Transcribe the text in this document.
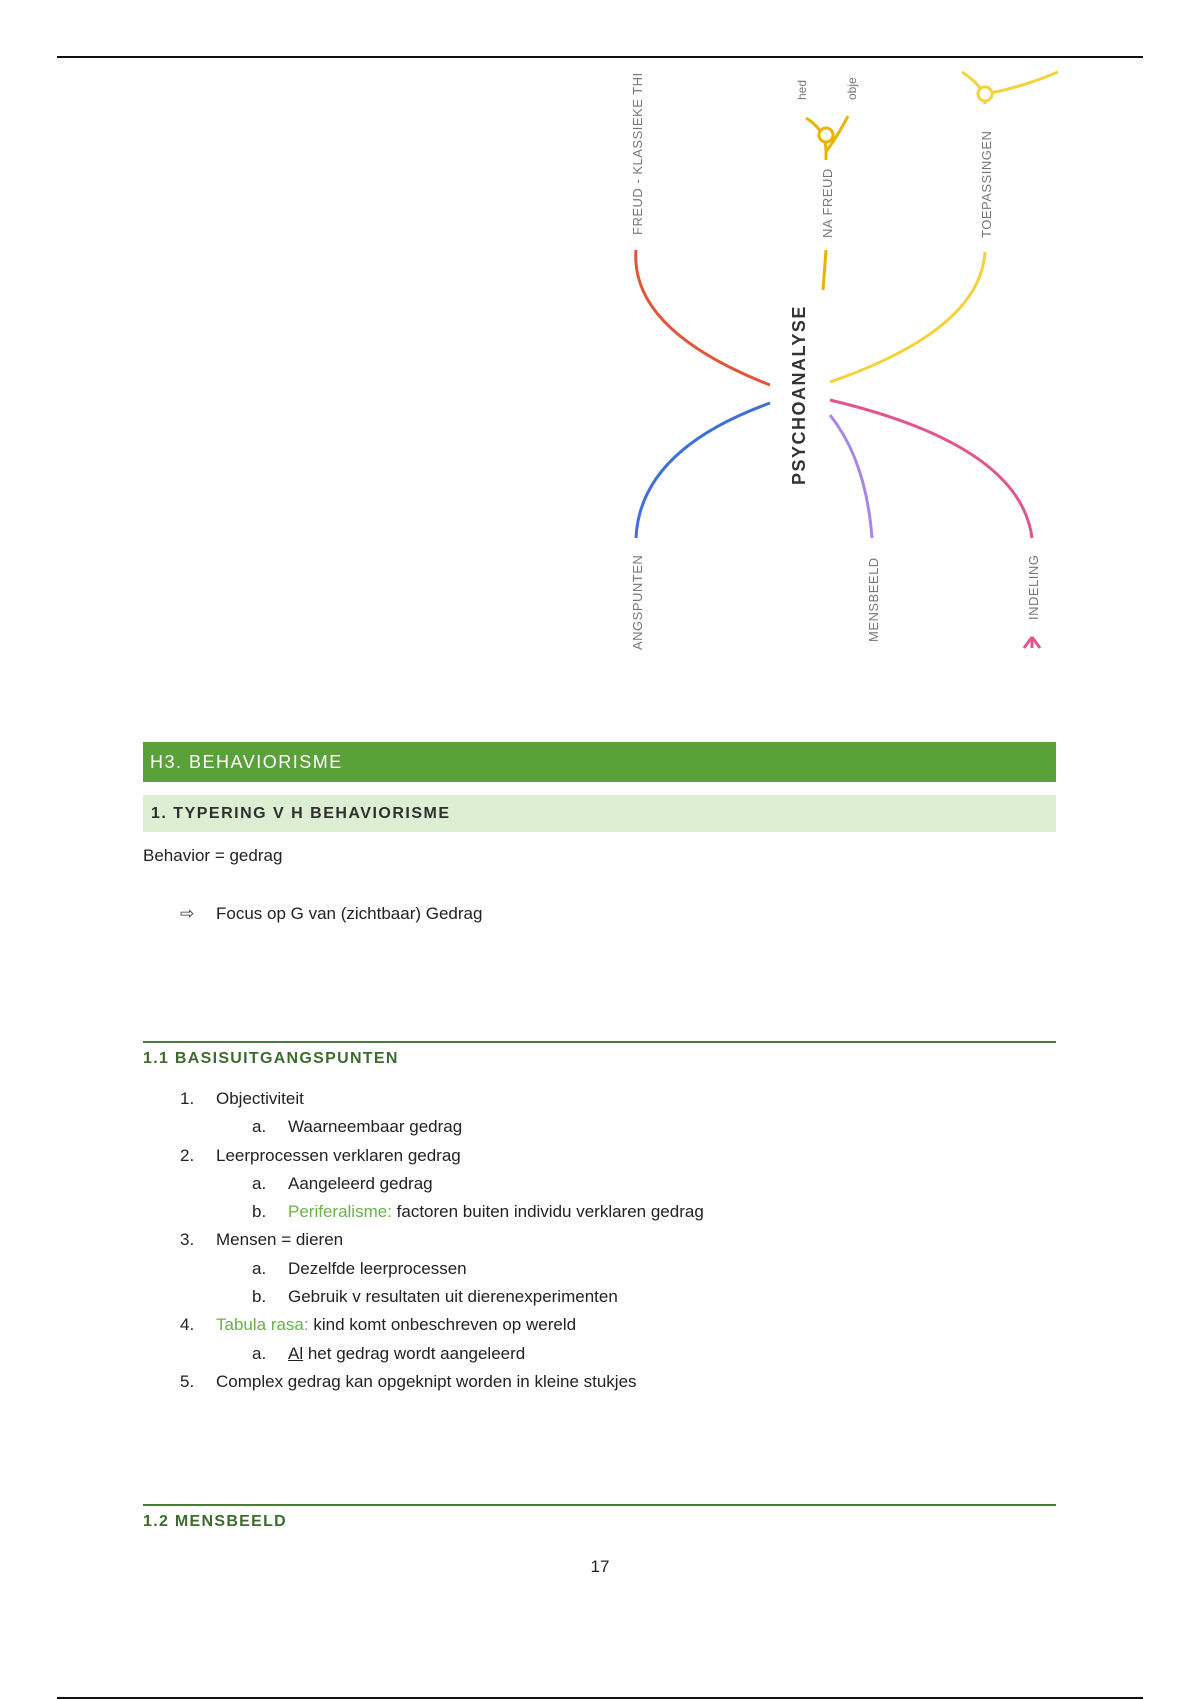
FREUD - KLASSIEKE THI	NA FREUD
hed	obje
TOEPASSINGEN
PSYCHOANALYSE
ANGSPUNTEN	MENSBEELD	INDELING
H3. BEHAVIORISME
1. TYPERING V H BEHAVIORISME
Behavior = gedrag
⇨ Focus op G van (zichtbaar) Gedrag
1.1 BASISUITGANGSPUNTEN
1. Objectiviteit
a. Waarneembaar gedrag
2. Leerprocessen verklaren gedrag
a. Aangeleerd gedrag
b. Periferalisme: factoren buiten individu verklaren gedrag
3. Mensen = dieren
a. Dezelfde leerprocessen
b. Gebruik v resultaten uit dierenexperimenten
4. Tabula rasa: kind komt onbeschreven op wereld
a. Al het gedrag wordt aangeleerd
5. Complex gedrag kan opgeknipt worden in kleine stukjes
1.2 MENSBEELD
17
